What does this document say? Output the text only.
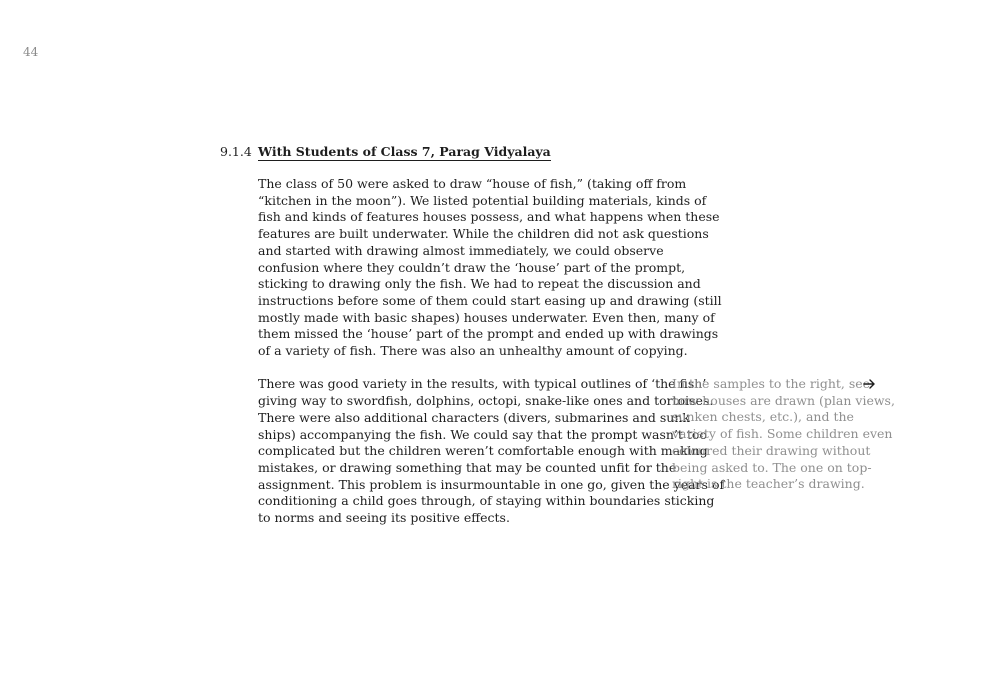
44
9.1.4 With Students of Class 7, Parag Vidyalaya

The class of 50 were asked to draw “house of fish,” (taking off from
“kitchen in the moon”). We listed potential building materials, kinds of
fish and kinds of features houses possess, and what happens when these
features are built underwater. While the children did not ask questions
and started with drawing almost immediately, we could observe
confusion where they couldn’t draw the ‘house’ part of the prompt,
sticking to drawing only the fish. We had to repeat the discussion and
instructions before some of them could start easing up and drawing (still
mostly made with basic shapes) houses underwater. Even then, many of
them missed the ‘house’ part of the prompt and ended up with drawings
of a variety of fish. There was also an unhealthy amount of copying.

There was good variety in the results, with typical outlines of ‘the fish’
giving way to swordfish, dolphins, octopi, snake-like ones and tortoises.
There were also additional characters (divers, submarines and sunk
ships) accompanying the fish. We could say that the prompt wasn’t too
complicated but the children weren’t comfortable enough with making
mistakes, or drawing something that may be counted unfit for the
assignment. This problem is insurmountable in one go, given the years of
conditioning a child goes through, of staying within boundaries sticking
to norms and seeing its positive effects.

In the samples to the right, see
how houses are drawn (plan views,
sunken chests, etc.), and the
variety of fish. Some children even
coloured their drawing without
being asked to. The one on top-
right is the teacher’s drawing.
